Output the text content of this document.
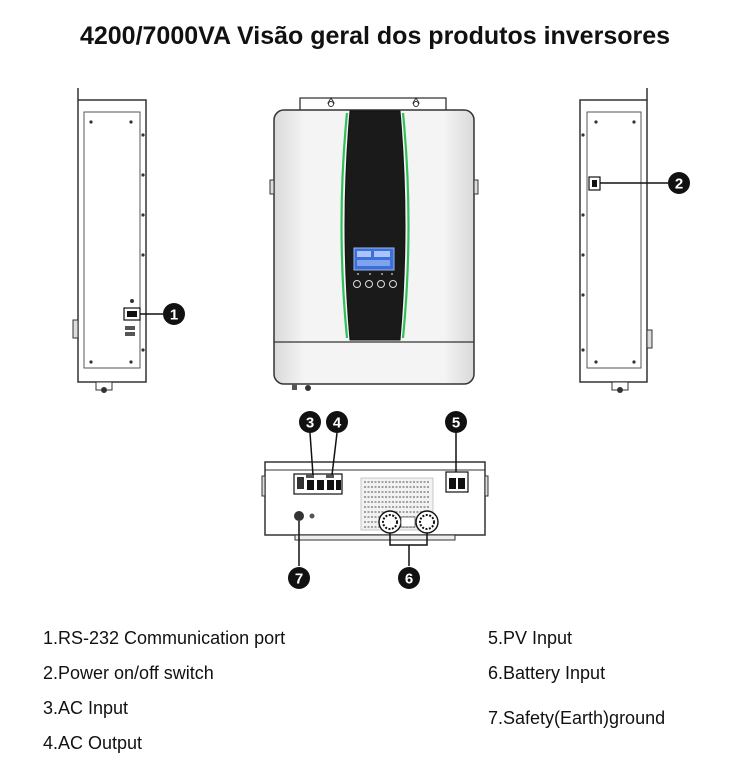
4200/7000VA Visão geral dos produtos inversores
1
2
3 4	5
6
7
1.RS-232 Communication port
2.Power on/off switch
3.AC Input
4.AC Output
5.PV Input
6.Battery Input
7.Safety(Earth)ground
